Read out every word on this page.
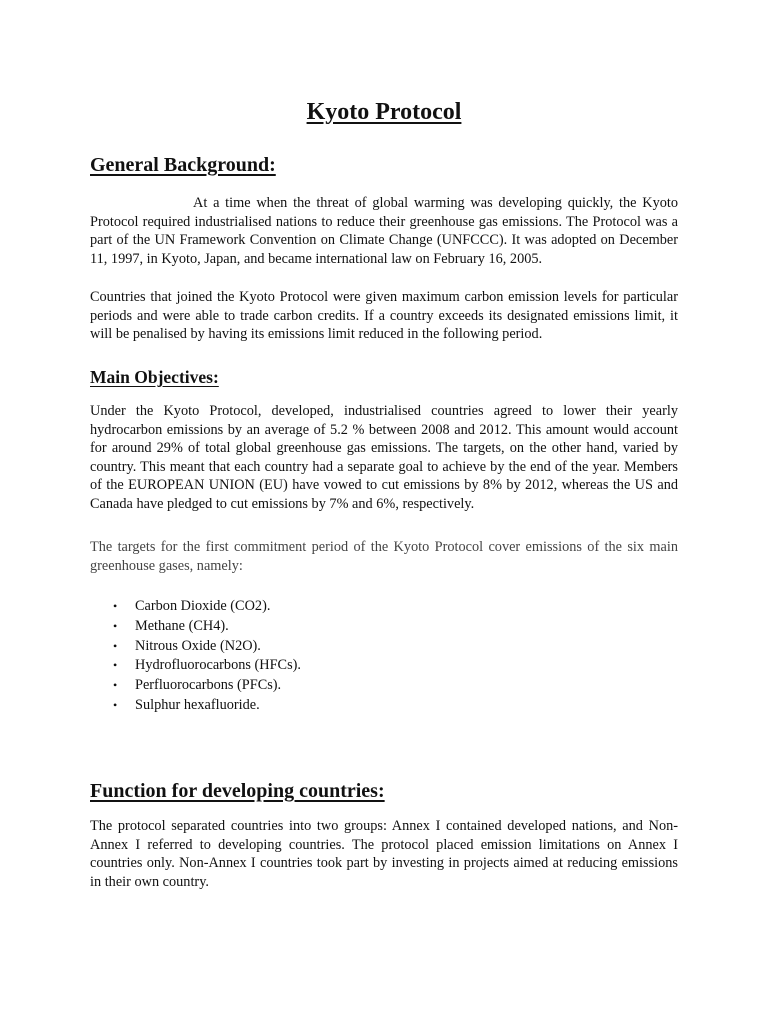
Kyoto Protocol
General Background:

At a time when the threat of global warming was developing quickly, the Kyoto Protocol required industrialised nations to reduce their greenhouse gas emissions. The Protocol was a part of the UN Framework Convention on Climate Change (UNFCCC). It was adopted on December 11, 1997, in Kyoto, Japan, and became international law on February 16, 2005.

Countries that joined the Kyoto Protocol were given maximum carbon emission levels for particular periods and were able to trade carbon credits. If a country exceeds its designated emissions limit, it will be penalised by having its emissions limit reduced in the following period.

Main Objectives:

Under the Kyoto Protocol, developed, industrialised countries agreed to lower their yearly hydrocarbon emissions by an average of 5.2 % between 2008 and 2012. This amount would account for around 29% of total global greenhouse gas emissions. The targets, on the other hand, varied by country. This meant that each country had a separate goal to achieve by the end of the year. Members of the EUROPEAN UNION (EU) have vowed to cut emissions by 8% by 2012, whereas the US and Canada have pledged to cut emissions by 7% and 6%, respectively.

The targets for the first commitment period of the Kyoto Protocol cover emissions of the six main greenhouse gases, namely:

• Carbon Dioxide (CO2).
• Methane (CH4).
• Nitrous Oxide (N2O).
• Hydrofluorocarbons (HFCs).
• Perfluorocarbons (PFCs).
• Sulphur hexafluoride.
Function for developing countries:

The protocol separated countries into two groups: Annex I contained developed nations, and Non-Annex I referred to developing countries. The protocol placed emission limitations on Annex I countries only. Non-Annex I countries took part by investing in projects aimed at reducing emissions in their own country.
